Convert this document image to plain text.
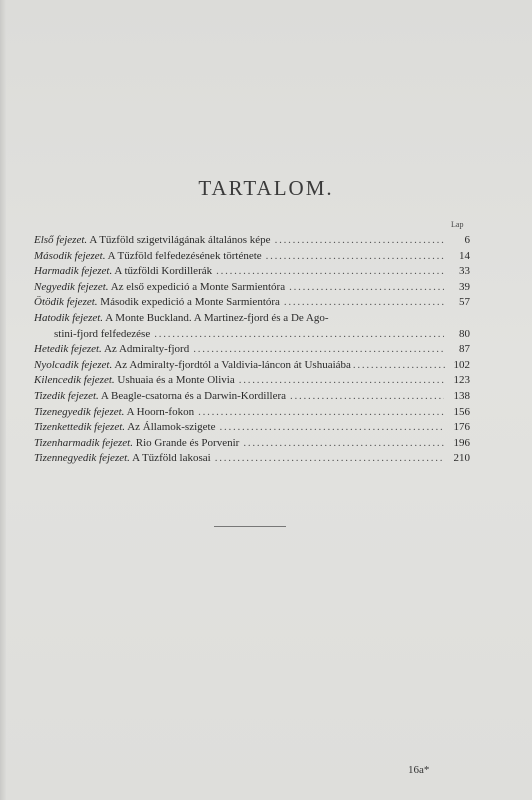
TARTALOM.
Lap
Első fejezet. A Tűzföld szigetvilágának általános képe . . .	6
Második fejezet. A Tűzföld felfedezésének története . . .	14
Harmadik fejezet. A tűzföldi Kordillerák . . .	33
Negyedik fejezet. Az első expedició a Monte Sarmientóra . . .	39
Ötödik fejezet. Második expedició a Monte Sarmientóra . . .	57
Hatodik fejezet. A Monte Buckland. A Martinez-fjord és a De Ago-
stini-fjord felfedezése . . .	80
Hetedik fejezet. Az Admiralty-fjord . . .	87
Nyolcadik fejezet. Az Admiralty-fjordtól a Valdivia-láncon át Ushuaiába . . .	102
Kilencedik fejezet. Ushuaia és a Monte Olivia . . .	123
Tizedik fejezet. A Beagle-csatorna és a Darwin-Kordillera . . .	138
Tizenegyedik fejezet. A Hoorn-fokon . . .	156
Tizenkettedik fejezet. Az Államok-szigete . . .	176
Tizenharmadik fejezet. Rio Grande és Porvenir . . .	196
Tizennegyedik fejezet. A Tűzföld lakosai . . .	210
16a*
